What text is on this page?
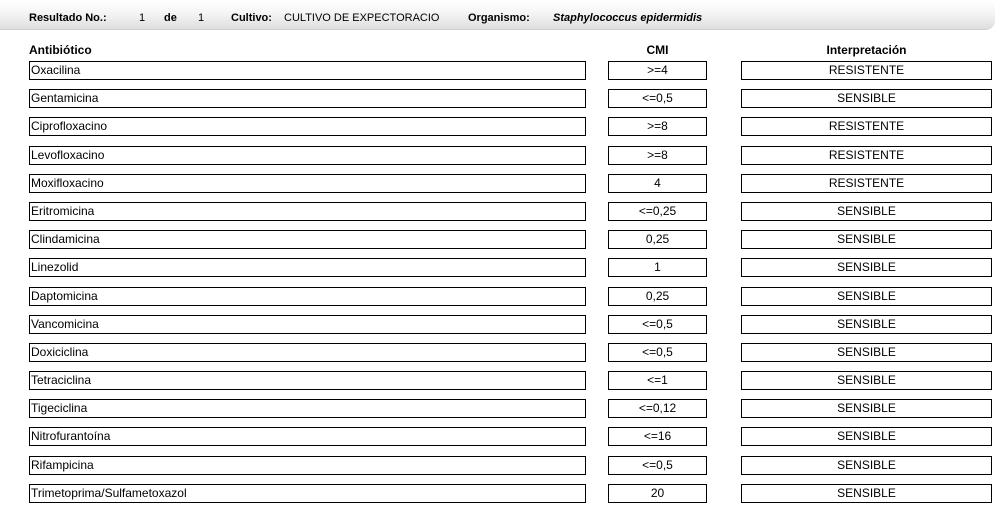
Resultado No.:	1 de 1 Cultivo: CULTIVO DE EXPECTORACIO	Organismo: Staphylococcus epidermidis
Antibiótico	CMI	Interpretación
Oxacilina	>=4	RESISTENTE
Gentamicina	<=0,5	SENSIBLE
Ciprofloxacino	>=8	RESISTENTE
Levofloxacino	>=8	RESISTENTE
Moxifloxacino	4	RESISTENTE
Eritromicina	<=0,25	SENSIBLE
Clindamicina	0,25	SENSIBLE
Linezolid	1	SENSIBLE
Daptomicina	0,25	SENSIBLE
Vancomicina	<=0,5	SENSIBLE
Doxiciclina	<=0,5	SENSIBLE
Tetraciclina	<=1	SENSIBLE
Tigeciclina	<=0,12	SENSIBLE
Nitrofurantoína	<=16	SENSIBLE
Rifampicina	<=0,5	SENSIBLE
Trimetoprima/Sulfametoxazol	20	SENSIBLE
